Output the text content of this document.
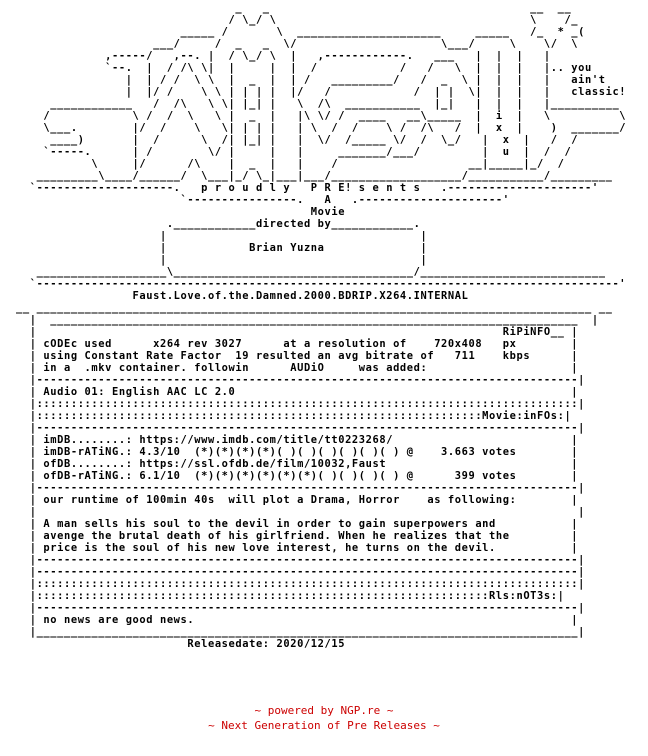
_   _                                      __  __
/ \_/ \                                     \    /_
_____ /       \  _____________________     _____   /_  * _(
___/     /  _   _  \/                     \___/     \    \/  \
,-----/   ,--. |  / \_/ \  |   ,------------.   ___   |  |  |   |
`--.  |  / /\ \|  |     |  |  /            /   /   \  |  |  |   |.. you
|  | / /  \ \  |  _  |  | /   _________/   /  _  \ |  |  |   |   ain't
|  |/ /    \ \ | | | |  |/   /            /  | |  \|  |  |   |   classic!
____________   /  /\   \ \| |_| |   \  /\  ___________  |_|   |  |  |   |__________
/            \ /  /  \   \ |  _  |   |\ \/ /  ____   __\_____  |  i  |   \          \
\___.        |/  /    \   \| | | |   | \  /  /    \ /  /\   /  |  x  |    )  _______/
____)       |  /      \  /| |_| |   |  \/  /_____ \/  /  \_/   |  x  |   /  /
`-----.      | /        \/ |     |   |     _______/___/         |  u  |  /  /
\     |/      /\    |  _  |   |    /                   __|_____|_/  /
_________\____/______/  \___|_/ \_|___|___/___________________/___________/_________
`--------------------.   p r o u d l y   P R E! s e n t s   .---------------------'
`----------------.   A   .---------------------'
Movie
.____________directed by____________.
|                                     |
|            Brian Yuzna              |
|                                     |
___________________\___________________________________/___________________________
`-------------------------------------------------------------------------------------'
Faust.Love.of.the.Damned.2000.BDRIP.X264.INTERNAL
__ _________________________________________________________________________________ __
|  _____________________________________________________________________________  |
|                                                                    RiPiNFO__ |
| cODEc used      x264 rev 3027      at a resolution of    720x408   px        |
| using Constant Rate Factor  19 resulted an avg bitrate of   711    kbps      |
| in a  .mkv container. followin      AUDiO     was added:                     |
|-------------------------------------------------------------------------------|
| Audio 01: English AAC LC 2.0                                                 |
|:::::::::::::::::::::::::::::::::::::::::::::::::::::::::::::::::::::::::::::::|
|:::::::::::::::::::::::::::::::::::::::::::::::::::::::::::::::::Movie:inFOs:|
|-------------------------------------------------------------------------------|
| imDB........: https://www.imdb.com/title/tt0223268/                          |
| imDB-rATiNG.: 4.3/10  (*)(*)(*)(*)( )( )( )( )( )( ) @    3.663 votes        |
| ofDB........: https://ssl.ofdb.de/film/10032,Faust                           |
| ofDB-rATiNG.: 6.1/10  (*)(*)(*)(*)(*)(*)( )( )( )( ) @      399 votes        |
|-------------------------------------------------------------------------------|
| our runtime of 100min 40s  will plot a Drama, Horror    as following:        |
|                                                                               |
| A man sells his soul to the devil in order to gain superpowers and           |
| avenge the brutal death of his girlfriend. When he realizes that the         |
| price is the soul of his new love interest, he turns on the devil.           |
|-------------------------------------------------------------------------------|
|-------------------------------------------------------------------------------|
|:::::::::::::::::::::::::::::::::::::::::::::::::::::::::::::::::::::::::::::::|
|::::::::::::::::::::::::::::::::::::::::::::::::::::::::::::::::::Rls:nOT3s:|
|-------------------------------------------------------------------------------|
| no news are good news.                                                       |
|_______________________________________________________________________________|
Releasedate: 2020/12/15
~ powered by NGP.re ~
~ Next Generation of Pre Releases ~
